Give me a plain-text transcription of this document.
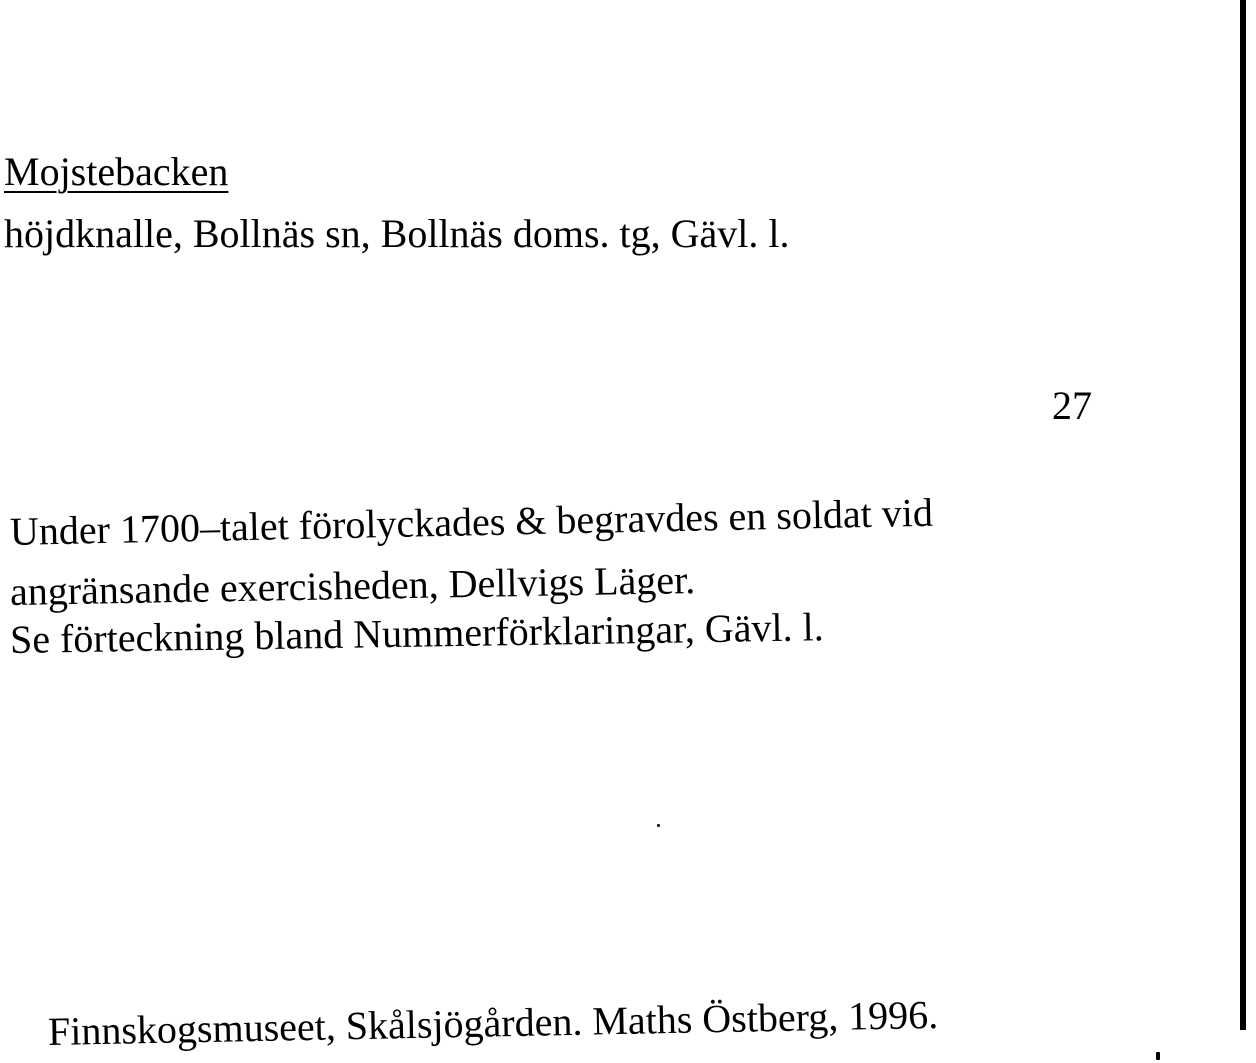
Mojstebacken
höjdknalle, Bollnäs sn, Bollnäs doms. tg, Gävl. l.
27
Under 1700–talet förolyckades & begravdes en soldat vid
angränsande exercisheden, Dellvigs Läger.
Se förteckning bland Nummerförklaringar, Gävl. l.
Finnskogsmuseet, Skålsjögården. Maths Östberg, 1996.
